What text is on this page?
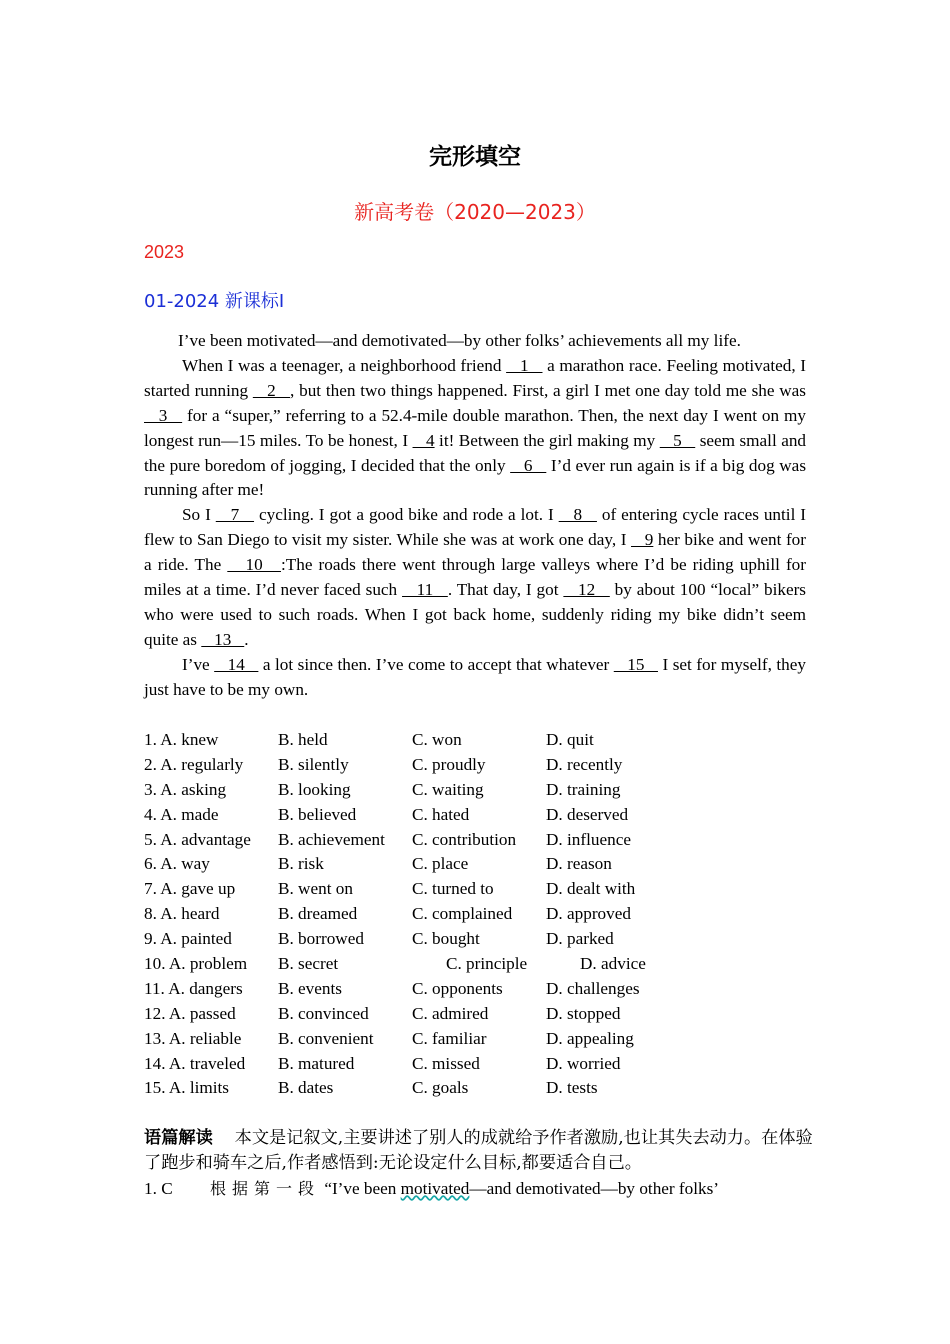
完形填空
新高考卷（2020—2023）
2023
01-2024 新课标Ⅰ

I’ve been motivated—and demotivated—by other folks’ achievements all my life.

When I was a teenager, a neighborhood friend    1    a marathon race. Feeling motivated, I started running    2   , but then two things happened. First, a girl I met one day told me she was    3    for a “super,” referring to a 52.4-mile double marathon. Then, the next day I went on my longest run—15 miles. To be honest, I    4 it! Between the girl making my    5    seem small and the pure boredom of jogging, I decided that the only    6    I’d ever run again is if a big dog was running after me!

So I    7    cycling. I got a good bike and rode a lot. I    8    of entering cycle races until I flew to San Diego to visit my sister. While she was at work one day, I    9 her bike and went for a ride. The    10   :The roads there went through large valleys where I’d be riding uphill for miles at a time. I’d never faced such    11   . That day, I got    12    by about 100 “local” bikers who were used to such roads. When I got back home, suddenly riding my bike didn’t seem quite as    13   .

I’ve    14    a lot since then. I’ve come to accept that whatever    15    I set for myself, they just have to be my own.

1. A. knew	B. held	C. won	D. quit
2. A. regularly B. silently	C. proudly	D. recently
3. A. asking	B. looking	C. waiting	D. training
4. A. made	B. believed	C. hated	D. deserved
5. A. advantage B. achievement C. contribution D. influence
6. A. way	B. risk	C. place	D. reason
7. A. gave up B. went on	C. turned to	D. dealt with
8. A. heard	B. dreamed	C. complained D. approved
9. A. painted	B. borrowed	C. bought	D. parked
10. A. problem B. secret	C. principle	D. advice
11. A. dangers B. events	C. opponents	D. challenges
12. A. passed B. convinced	C. admired	D. stopped
13. A. reliable B. convenient C. familiar	D. appealing
14. A. traveled B. matured	C. missed	D. worried
15. A. limits	B. dates	C. goals	D. tests
语篇解读 本文是记叙文,主要讲述了别人的成就给予作者激励,也让其失去动力。在体验了跑步和骑车之后,作者感悟到:无论设定什么目标,都要适合自己。
1. C 根据第一段 “I’ve been motivated—and demotivated—by other folks’
